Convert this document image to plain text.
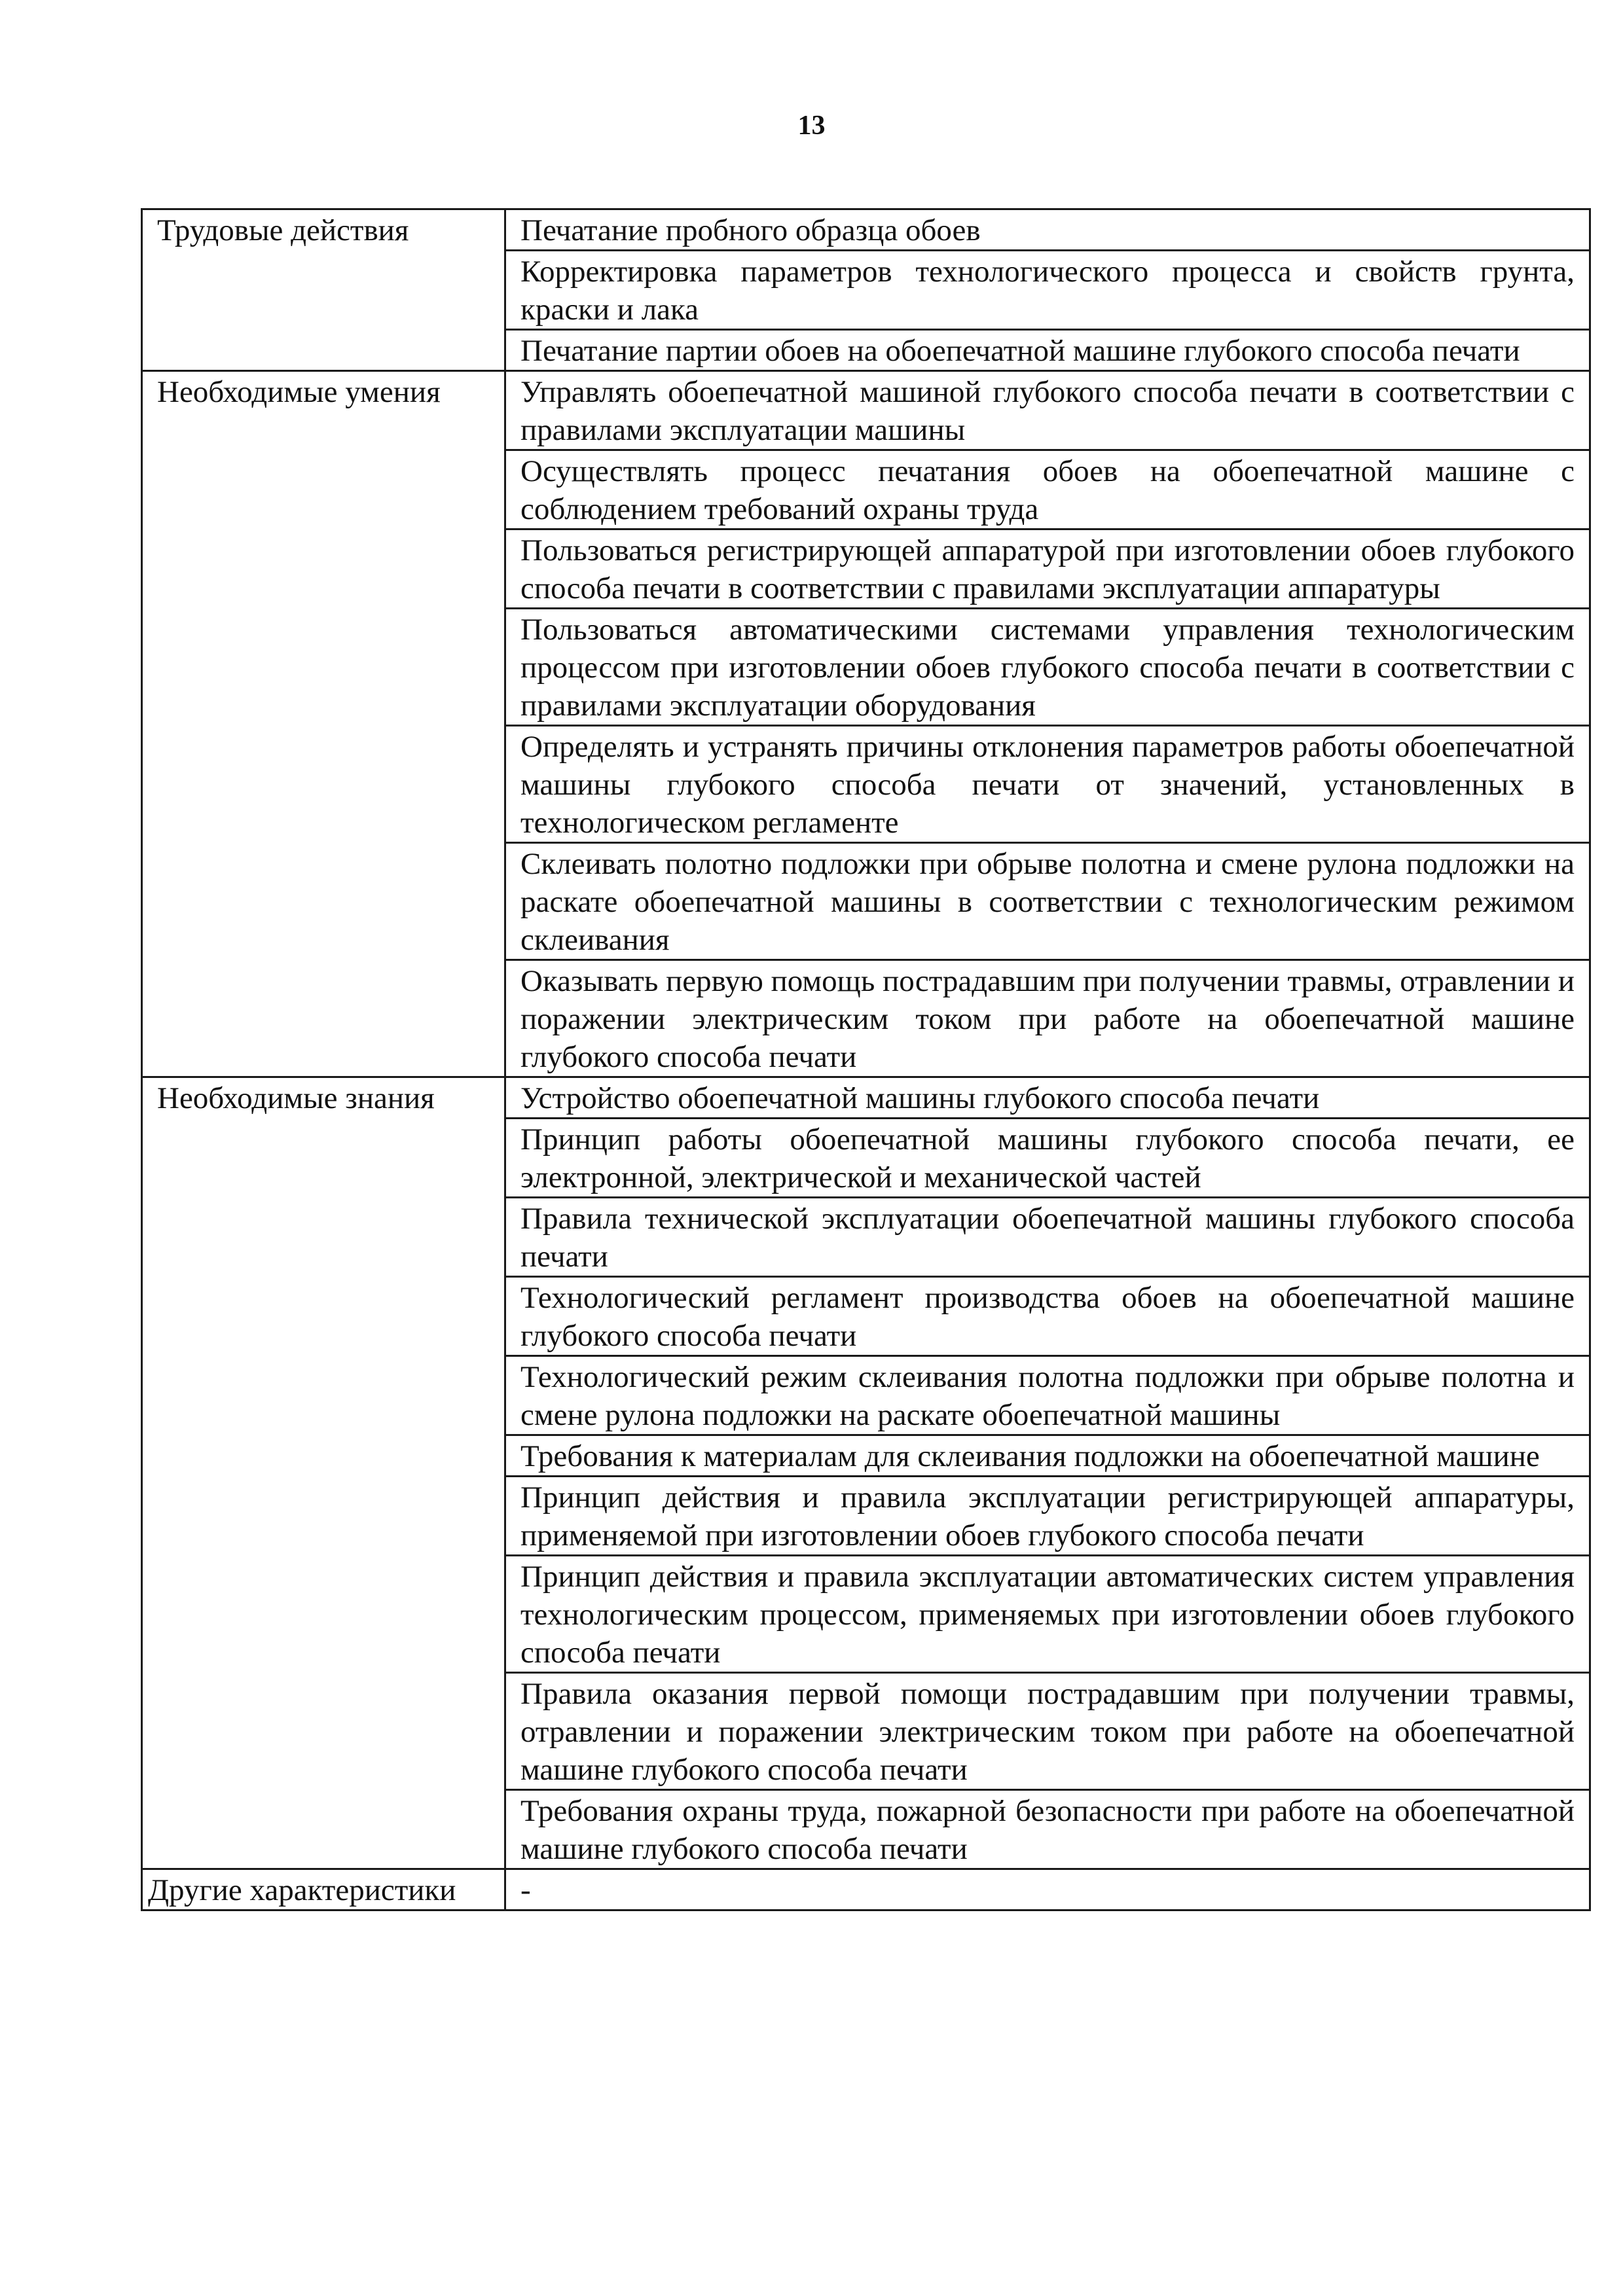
13
Трудовые действия	Печатание пробного образца обоев
	Корректировка параметров технологического процесса и свойств грунта, краски и лака
	Печатание партии обоев на обоепечатной машине глубокого способа печати
Необходимые умения	Управлять обоепечатной машиной глубокого способа печати в соответствии с правилами эксплуатации машины
	Осуществлять процесс печатания обоев на обоепечатной машине с соблюдением требований охраны труда
	Пользоваться регистрирующей аппаратурой при изготовлении обоев глубокого способа печати в соответствии с правилами эксплуатации аппаратуры
	Пользоваться автоматическими системами управления технологическим процессом при изготовлении обоев глубокого способа печати в соответствии с правилами эксплуатации оборудования
	Определять и устранять причины отклонения параметров работы обоепечатной машины глубокого способа печати от значений, установленных в технологическом регламенте
	Склеивать полотно подложки при обрыве полотна и смене рулона подложки на раскате обоепечатной машины в соответствии с технологическим режимом склеивания
	Оказывать первую помощь пострадавшим при получении травмы, отравлении и поражении электрическим током при работе на обоепечатной машине глубокого способа печати
Необходимые знания	Устройство обоепечатной машины глубокого способа печати
	Принцип работы обоепечатной машины глубокого способа печати, ее электронной, электрической и механической частей
	Правила технической эксплуатации обоепечатной машины глубокого способа печати
	Технологический регламент производства обоев на обоепечатной машине глубокого способа печати
	Технологический режим склеивания полотна подложки при обрыве полотна и смене рулона подложки на раскате обоепечатной машины
	Требования к материалам для склеивания подложки на обоепечатной машине
	Принцип действия и правила эксплуатации регистрирующей аппаратуры, применяемой при изготовлении обоев глубокого способа печати
	Принцип действия и правила эксплуатации автоматических систем управления технологическим процессом, применяемых при изготовлении обоев глубокого способа печати
	Правила оказания первой помощи пострадавшим при получении травмы, отравлении и поражении электрическим током при работе на обоепечатной машине глубокого способа печати
	Требования охраны труда, пожарной безопасности при работе на обоепечатной машине глубокого способа печати
Другие характеристики	-
